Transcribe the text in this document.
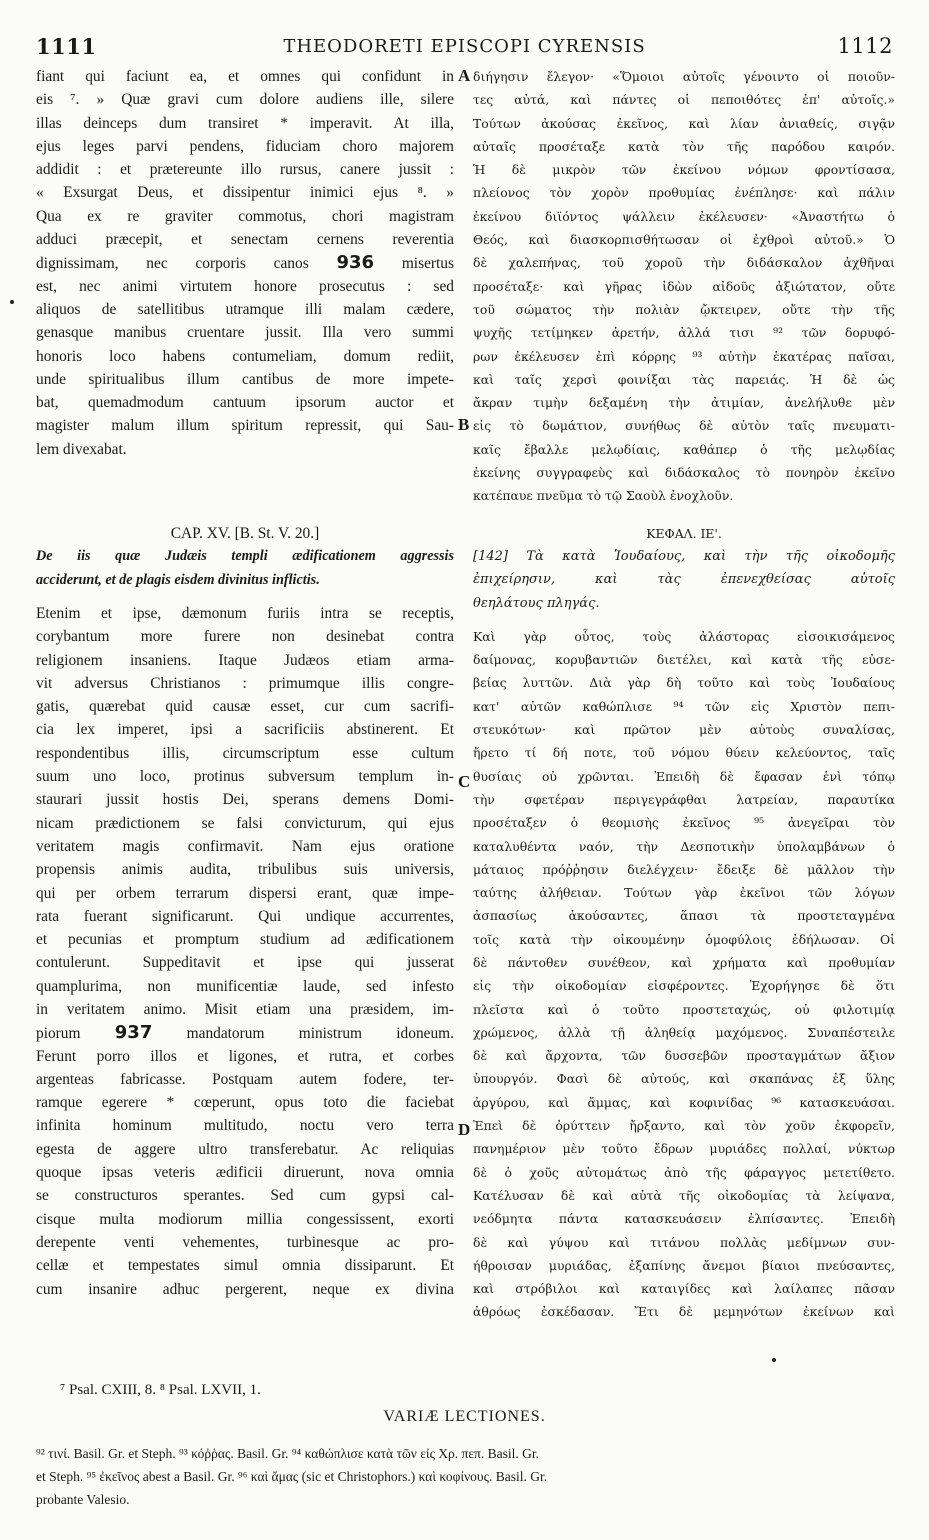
1111	THEODORETI EPISCOPI CYRENSIS	1112
fiant qui faciunt ea, et omnes qui confidunt in
eis ⁷. » Quæ gravi cum dolore audiens ille, silere
illas deinceps dum transiret * imperavit. At illa,
ejus leges parvi pendens, fiduciam choro majorem
addidit : et prætereunte illo rursus, canere jussit :
« Exsurgat Deus, et dissipentur inimici ejus ⁸. »
Qua ex re graviter commotus, chori magistram
adduci præcepit, et senectam cernens reverentia
dignissimam, nec corporis canos 936 misertus
est, nec animi virtutem honore prosecutus : sed
aliquos de satellitibus utramque illi malam cædere,
genasque manibus cruentare jussit. Illa vero summi
honoris loco habens contumeliam, domum rediit,
unde spiritualibus illum cantibus de more impete-
bat, quemadmodum cantuum ipsorum auctor et
magister malum illum spiritum repressit, qui Sau-
lem divexabat.
CAP. XV. [B. St. V. 20.]
De iis quæ Judæis templi ædificationem aggressis
acciderunt, et de plagis eisdem divinitus inflictis.
Etenim et ipse, dæmonum furiis intra se receptis,
corybantum more furere non desinebat contra
religionem insaniens. Itaque Judæos etiam arma-
vit adversus Christianos : primumque illis congre-
gatis, quærebat quid causæ esset, cur cum sacrifi-
cia lex imperet, ipsi a sacrificiis abstinerent. Et
respondentibus illis, circumscriptum esse cultum
suum uno loco, protinus subversum templum in-
staurari jussit hostis Dei, sperans demens Domi-
nicam prædictionem se falsi convicturum, qui ejus
veritatem magis confirmavit. Nam ejus oratione
propensis animis audita, tribulibus suis universis,
qui per orbem terrarum dispersi erant, quæ impe-
rata fuerant significarunt. Qui undique accurrentes,
et pecunias et promptum studium ad ædificationem
contulerunt. Suppeditavit et ipse qui jusserat
quamplurima, non munificentiæ laude, sed infesto
in veritatem animo. Misit etiam una præsidem, im-
piorum 937 mandatorum ministrum idoneum.
Ferunt porro illos et ligones, et rutra, et corbes
argenteas fabricasse. Postquam autem fodere, ter-
ramque egerere * cœperunt, opus toto die faciebat
infinita hominum multitudo, noctu vero terra
egesta de aggere ultro transferebatur. Ac reliquias
quoque ipsas veteris ædificii diruerunt, nova omnia
se constructuros sperantes. Sed cum gypsi cal-
cisque multa modiorum millia congessissent, exorti
derepente venti vehementes, turbinesque ac pro-
cellæ et tempestates simul omnia dissiparunt. Et
cum insanire adhuc pergerent, neque ex divina
διήγησιν ἔλεγον· «Ὅμοιοι αὐτοῖς γένοιντο οἱ ποιοῦν-
τες αὐτά, καὶ πάντες οἱ πεποιθότες ἐπ' αὐτοῖς.»
Τούτων ἀκούσας ἐκεῖνος, καὶ λίαν ἀνιαθείς, σιγᾷν
αὐταῖς προσέταξε κατὰ τὸν τῆς παρόδου καιρόν.
Ἡ δὲ μικρὸν τῶν ἐκείνου νόμων φροντίσασα,
πλείονος τὸν χορὸν προθυμίας ἐνέπλησε· καὶ πάλιν
ἐκείνου διϊόντος ψάλλειν ἐκέλευσεν· «Ἀναστήτω ὁ
Θεός, καὶ διασκορπισθήτωσαν οἱ ἐχθροὶ αὐτοῦ.» Ὁ
δὲ χαλεπήνας, τοῦ χοροῦ τὴν διδάσκαλον ἀχθῆναι
προσέταξε· καὶ γῆρας ἰδὼν αἰδοῦς ἀξιώτατον, οὔτε
τοῦ σώματος τὴν πολιὰν ᾤκτειρεν, οὔτε τὴν τῆς
ψυχῆς τετίμηκεν ἀρετήν, ἀλλά τισι ⁹² τῶν δορυφό-
ρων ἐκέλευσεν ἐπὶ κόρρης ⁹³ αὐτὴν ἑκατέρας παῖσαι,
καὶ ταῖς χερσὶ φοινίξαι τὰς παρειάς. Ἡ δὲ ὡς
ἄκραν τιμὴν δεξαμένη τὴν ἀτιμίαν, ἀνελήλυθε μὲν
εἰς τὸ δωμάτιον, συνήθως δὲ αὐτὸν ταῖς πνευματι-
καῖς ἔβαλλε μελῳδίαις, καθάπερ ὁ τῆς μελῳδίας
ἐκείνης συγγραφεὺς καὶ διδάσκαλος τὸ πονηρὸν ἐκεῖνο
κατέπαυε πνεῦμα τὸ τῷ Σαοὺλ ἐνοχλοῦν.
ΚΕΦΑΛ. ΙΕ'.
[142] Τὰ κατὰ Ἰουδαίους, καὶ τὴν τῆς οἰκοδομῆς
ἐπιχείρησιν, καὶ τὰς ἐπενεχθείσας αὐτοῖς
θεηλάτους πληγάς.
Καὶ γὰρ οὗτος, τοὺς ἀλάστορας εἰσοικισάμενος
δαίμονας, κορυβαντιῶν διετέλει, καὶ κατὰ τῆς εὐσε-
βείας λυττῶν. Διὰ γὰρ δὴ τοῦτο καὶ τοὺς Ἰουδαίους
κατ' αὐτῶν καθώπλισε ⁹⁴ τῶν εἰς Χριστὸν πεπι-
στευκότων· καὶ πρῶτον μὲν αὐτοὺς συναλίσας,
ἤρετο τί δή ποτε, τοῦ νόμου θύειν κελεύοντος, ταῖς
θυσίαις οὐ χρῶνται. Ἐπειδὴ δὲ ἔφασαν ἑνὶ τόπῳ
τὴν σφετέραν περιγεγράφθαι λατρείαν, παραυτίκα
προσέταξεν ὁ θεομισὴς ἐκεῖνος ⁹⁵ ἀνεγεῖραι τὸν
καταλυθέντα ναόν, τὴν Δεσποτικὴν ὑπολαμβάνων ὁ
μάταιος πρόῤῥησιν διελέγχειν· ἔδειξε δὲ μᾶλλον τὴν
ταύτης ἀλήθειαν. Τούτων γὰρ ἐκεῖνοι τῶν λόγων
ἀσπασίως ἀκούσαντες, ἅπασι τὰ προστεταγμένα
τοῖς κατὰ τὴν οἰκουμένην ὁμοφύλοις ἐδήλωσαν. Οἱ
δὲ πάντοθεν συνέθεον, καὶ χρήματα καὶ προθυμίαν
εἰς τὴν οἰκοδομίαν εἰσφέροντες. Ἐχορήγησε δὲ ὅτι
πλεῖστα καὶ ὁ τοῦτο προστεταχώς, οὐ φιλοτιμίᾳ
χρώμενος, ἀλλὰ τῇ ἀληθείᾳ μαχόμενος. Συναπέστειλε
δὲ καὶ ἄρχοντα, τῶν δυσσεβῶν προσταγμάτων ἄξιον
ὑπουργόν. Φασὶ δὲ αὐτούς, καὶ σκαπάνας ἐξ ὕλης
ἀργύρου, καὶ ἄμμας, καὶ κοφινίδας ⁹⁶ κατασκευάσαι.
Ἐπεὶ δὲ ὀρύττειν ἤρξαντο, καὶ τὸν χοῦν ἐκφορεῖν,
πανημέριον μὲν τοῦτο ἔδρων μυριάδες πολλαί, νύκτωρ
δὲ ὁ χοῦς αὐτομάτως ἀπὸ τῆς φάραγγος μετετίθετο.
Κατέλυσαν δὲ καὶ αὐτὰ τῆς οἰκοδομίας τὰ λείψανα,
νεόδμητα πάντα κατασκευάσειν ἐλπίσαντες. Ἐπειδὴ
δὲ καὶ γύψου καὶ τιτάνου πολλὰς μεδίμνων συν-
ήθροισαν μυριάδας, ἐξαπίνης ἄνεμοι βίαιοι πνεύσαντες,
καὶ στρόβιλοι καὶ καταιγίδες καὶ λαίλαπες πᾶσαν
ἀθρόως ἐσκέδασαν. Ἔτι δὲ μεμηνότων ἐκείνων καὶ
A
B
C
D
⁷ Psal. CXIII, 8. ⁸ Psal. LXVII, 1.
VARIÆ LECTIONES.
⁹² τινί. Basil. Gr. et Steph. ⁹³ κόῤῥας. Basil. Gr. ⁹⁴ καθώπλισε κατὰ τῶν εἰς Χρ. πεπ. Basil. Gr.
et Steph. ⁹⁵ ἐκεῖνος abest a Basil. Gr. ⁹⁶ καὶ ἄμας (sic et Christophors.) καὶ κοφίνους. Basil. Gr.
probante Valesio.
